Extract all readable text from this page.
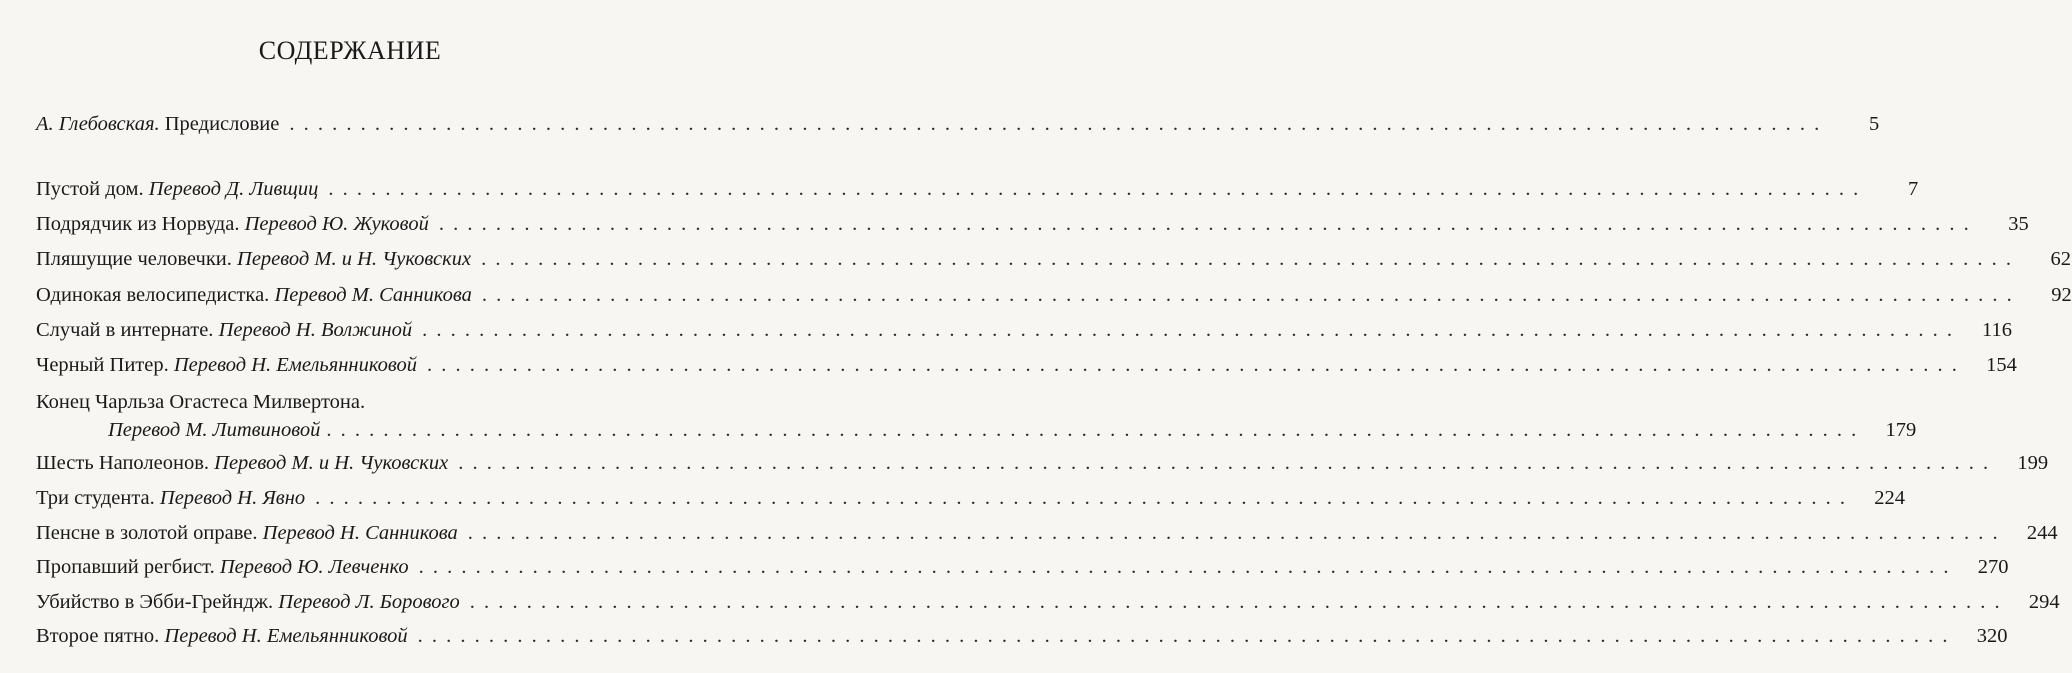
СОДЕРЖАНИЕ
А. Глебовская. Предисловие . . .	5
Пустой дом. Перевод Д. Ливщиц . . .	7
Подрядчик из Норвуда. Перевод Ю. Жуковой . . .	35
Пляшущие человечки. Перевод М. и Н. Чуковских . . .	62
Одинокая велосипедистка. Перевод М. Санникова . . .	92
Случай в интернате. Перевод Н. Волжиной . . .	116
Черный Питер. Перевод Н. Емельянниковой . . .	154
Конец Чарльза Огастеса Милвертона.
Перевод М. Литвиновой . . .	179
Шесть Наполеонов. Перевод М. и Н. Чуковских . . .	199
Три студента. Перевод Н. Явно . . .	224
Пенсне в золотой оправе. Перевод Н. Санникова . . .	244
Пропавший регбист. Перевод Ю. Левченко . . .	270
Убийство в Эбби-Грейндж. Перевод Л. Борового . . .	294
Второе пятно. Перевод Н. Емельянниковой . . .	320
